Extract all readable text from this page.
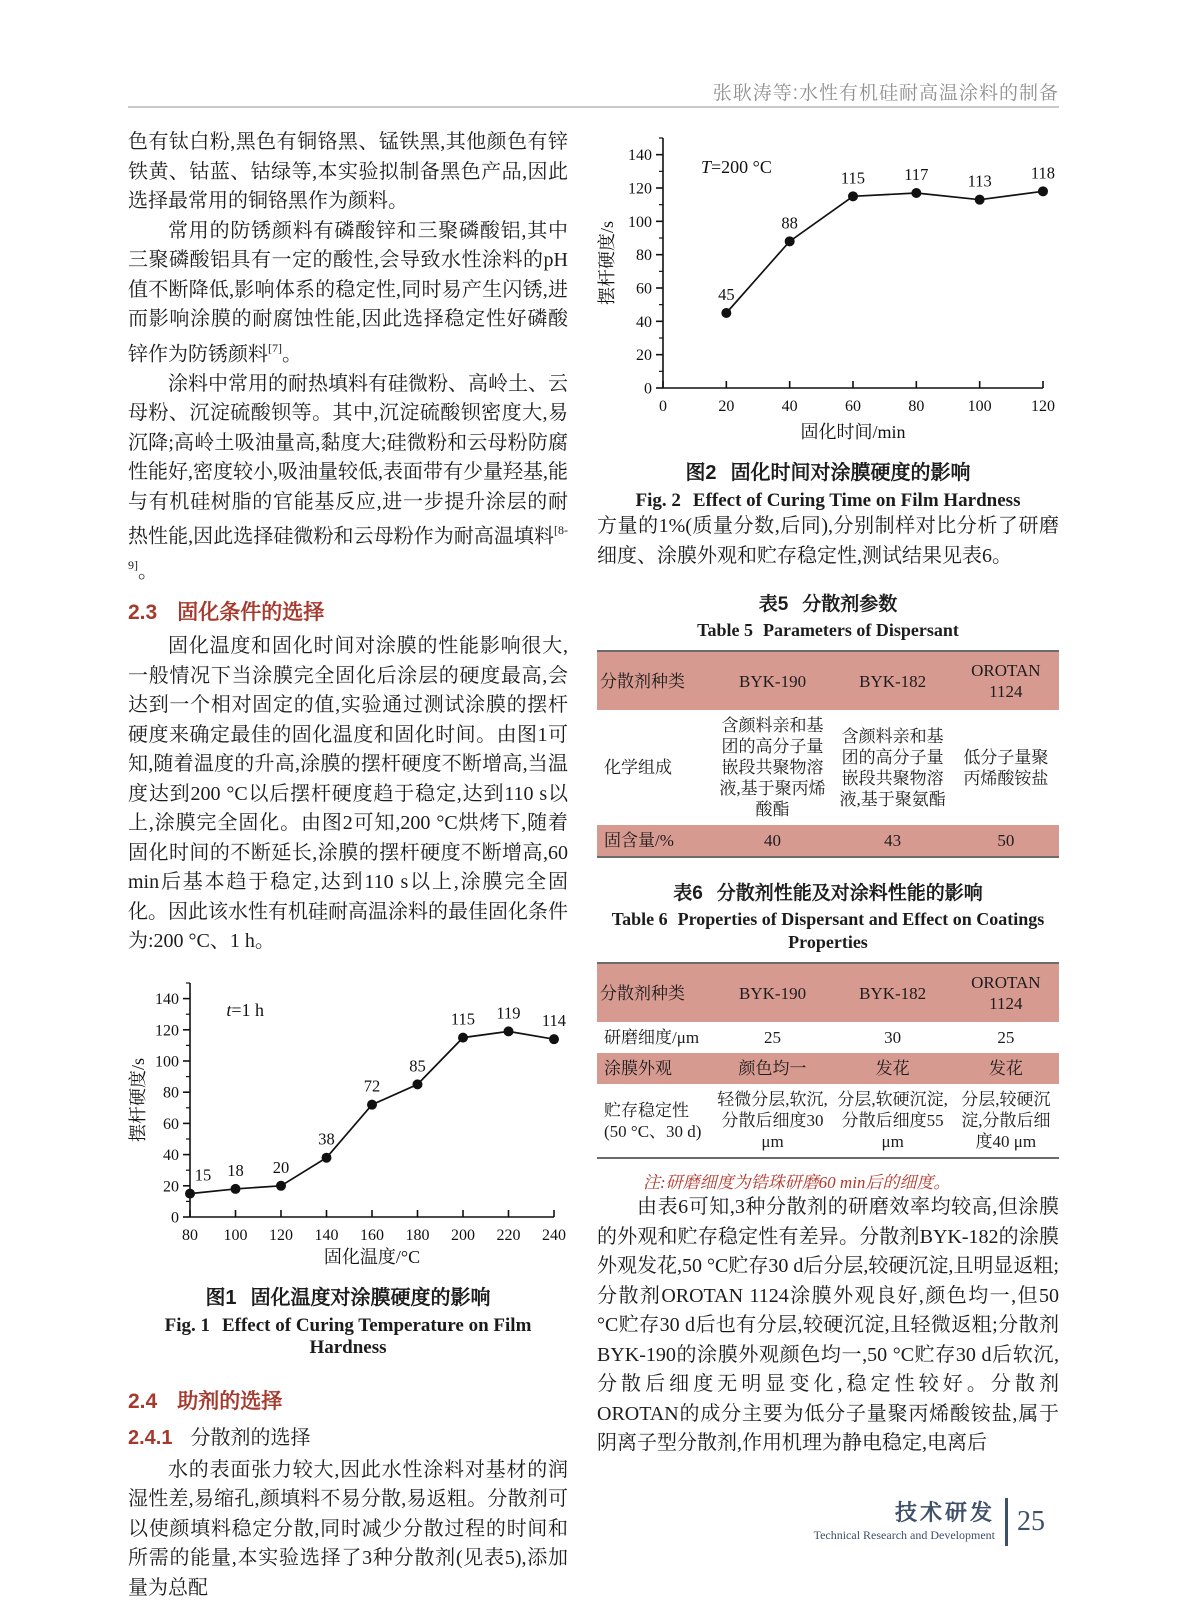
张耿涛等:水性有机硅耐高温涂料的制备

色有钛白粉,黑色有铜铬黑、锰铁黑,其他颜色有锌铁黄、钴蓝、钴绿等,本实验拟制备黑色产品,因此选择最常用的铜铬黑作为颜料。

常用的防锈颜料有磷酸锌和三聚磷酸铝,其中三聚磷酸铝具有一定的酸性,会导致水性涂料的pH值不断降低,影响体系的稳定性,同时易产生闪锈,进而影响涂膜的耐腐蚀性能,因此选择稳定性好磷酸锌作为防锈颜料[7]。

涂料中常用的耐热填料有硅微粉、高岭土、云母粉、沉淀硫酸钡等。其中,沉淀硫酸钡密度大,易沉降;高岭土吸油量高,黏度大;硅微粉和云母粉防腐性能好,密度较小,吸油量较低,表面带有少量羟基,能与有机硅树脂的官能基反应,进一步提升涂层的耐热性能,因此选择硅微粉和云母粉作为耐高温填料[8-9]。

2.3 固化条件的选择

固化温度和固化时间对涂膜的性能影响很大,一般情况下当涂膜完全固化后涂层的硬度最高,会达到一个相对固定的值,实验通过测试涂膜的摆杆硬度来确定最佳的固化温度和固化时间。由图1可知,随着温度的升高,涂膜的摆杆硬度不断增高,当温度达到200 °C以后摆杆硬度趋于稳定,达到110 s以上,涂膜完全固化。由图2可知,200 °C烘烤下,随着固化时间的不断延长,涂膜的摆杆硬度不断增高,60 min后基本趋于稳定,达到110 s以上,涂膜完全固化。因此该水性有机硅耐高温涂料的最佳固化条件为:200 °C、1 h。

0
20
40
60
80
100
120
140
80 100 120 140 160 180 200 220 240
固化温度/°C
摆杆硬度/s
t=1 h
15 18 20
38
72
85
115 119 114
图1 固化温度对涂膜硬度的影响
Fig. 1 Effect of Curing Temperature on Film Hardness
2.4 助剂的选择
2.4.1 分散剂的选择

水的表面张力较大,因此水性涂料对基材的润湿性差,易缩孔,颜填料不易分散,易返粗。分散剂可以使颜填料稳定分散,同时减少分散过程的时间和所需的能量,本实验选择了3种分散剂(见表5),添加量为总配

0
20
40
60
80
100
120
140
0	20	40	60	80	100 120
固化时间/min
摆杆硬度/s
T=200 °C
45
88
115 117 113 118
图2 固化时间对涂膜硬度的影响
Fig. 2 Effect of Curing Time on Film Hardness

方量的1%(质量分数,后同),分别制样对比分析了研磨细度、涂膜外观和贮存稳定性,测试结果见表6。

表5 分散剂参数
Table 5 Parameters of Dispersant
分散剂种类	BYK-190	BYK-182	OROTAN 1124
化学组成	含颜料亲和基团的高分子量嵌段共聚物溶液,基于聚丙烯酸酯	含颜料亲和基团的高分子量嵌段共聚物溶液,基于聚氨酯	低分子量聚丙烯酸铵盐
固含量/%	40	43	50
表6 分散剂性能及对涂料性能的影响
Table 6 Properties of Dispersant and Effect on Coatings Properties
分散剂种类	BYK-190	BYK-182	OROTAN 1124
研磨细度/μm	25	30	25
涂膜外观	颜色均一	发花	发花
贮存稳定性 (50 °C、30 d)	轻微分层,软沉,分散后细度30 μm	分层,软硬沉淀,分散后细度55 μm	分层,较硬沉淀,分散后细度40 μm
注:研磨细度为锆珠研磨60 min后的细度。

由表6可知,3种分散剂的研磨效率均较高,但涂膜的外观和贮存稳定性有差异。分散剂BYK-182的涂膜外观发花,50 °C贮存30 d后分层,较硬沉淀,且明显返粗;分散剂OROTAN 1124涂膜外观良好,颜色均一,但50 °C贮存30 d后也有分层,较硬沉淀,且轻微返粗;分散剂BYK-190的涂膜外观颜色均一,50 °C贮存30 d后软沉,分散后细度无明显变化,稳定性较好。分散剂OROTAN的成分主要为低分子量聚丙烯酸铵盐,属于阴离子型分散剂,作用机理为静电稳定,电离后

技术研发
Technical Research and Development 25
